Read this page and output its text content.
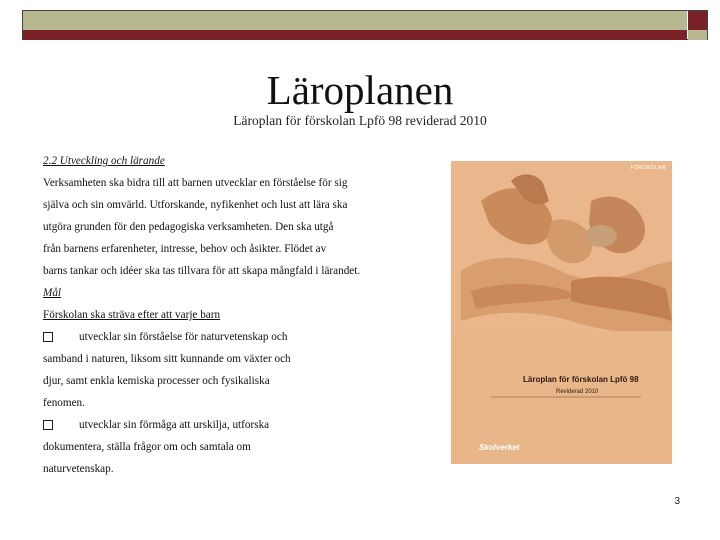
Läroplanen
Läroplan för förskolan Lpfö 98 reviderad 2010

2.2 Utveckling och lärande

Verksamheten ska bidra till att barnen utvecklar en förståelse för sig

själva och sin omvärld. Utforskande, nyfikenhet och lust att lära ska

utgöra grunden för den pedagogiska verksamheten. Den ska utgå

från barnens erfarenheter, intresse, behov och åsikter. Flödet av

barns tankar och idéer ska tas tillvara för att skapa mångfald i lärandet.

Mål

Förskolan ska sträva efter att varje barn

utvecklar sin förståelse för naturvetenskap och

samband i naturen, liksom sitt kunnande om växter och

djur, samt enkla kemiska processer och fysikaliska

fenomen.

utvecklar sin förmåga att urskilja, utforska

dokumentera, ställa frågor om och samtala om

naturvetenskap.

FÖRSKOLAN
Läroplan för förskolan Lpfö 98
Reviderad 2010
Skolverket
3
